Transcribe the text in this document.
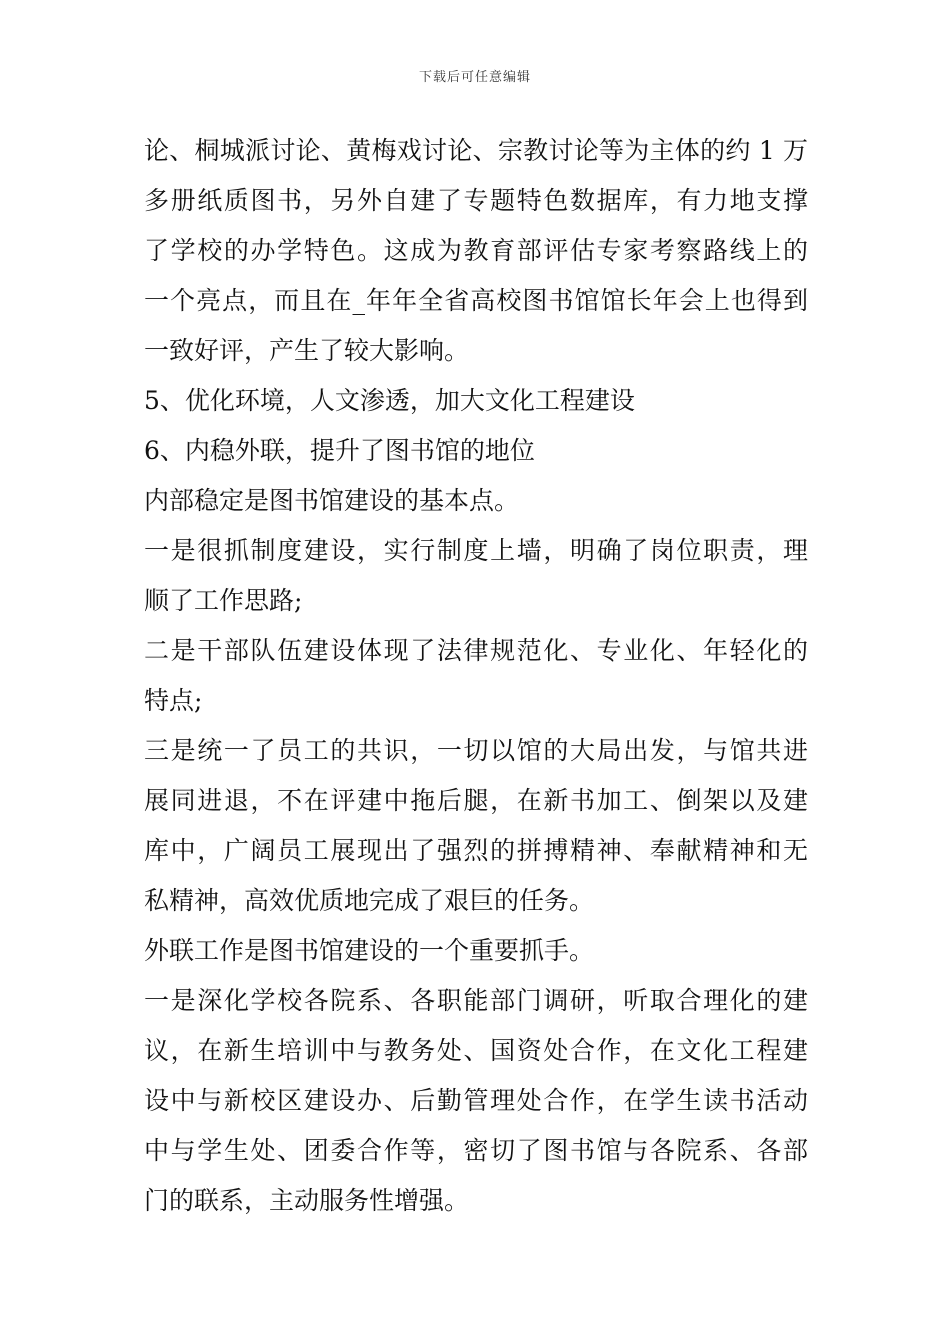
下载后可任意编辑
论、桐城派讨论、黄梅戏讨论、宗教讨论等为主体的约 1 万
多册纸质图书，另外自建了专题特色数据库，有力地支撑
了学校的办学特色。这成为教育部评估专家考察路线上的
一个亮点，而且在_年年全省高校图书馆馆长年会上也得到
一致好评，产生了较大影响。
5、优化环境，人文渗透，加大文化工程建设
6、内稳外联，提升了图书馆的地位
内部稳定是图书馆建设的基本点。
一是很抓制度建设，实行制度上墙，明确了岗位职责，理
顺了工作思路;
二是干部队伍建设体现了法律规范化、专业化、年轻化的
特点;
三是统一了员工的共识，一切以馆的大局出发，与馆共进
展同进退，不在评建中拖后腿，在新书加工、倒架以及建
库中，广阔员工展现出了强烈的拼搏精神、奉献精神和无
私精神，高效优质地完成了艰巨的任务。
外联工作是图书馆建设的一个重要抓手。
一是深化学校各院系、各职能部门调研，听取合理化的建
议，在新生培训中与教务处、国资处合作，在文化工程建
设中与新校区建设办、后勤管理处合作，在学生读书活动
中与学生处、团委合作等，密切了图书馆与各院系、各部
门的联系，主动服务性增强。
